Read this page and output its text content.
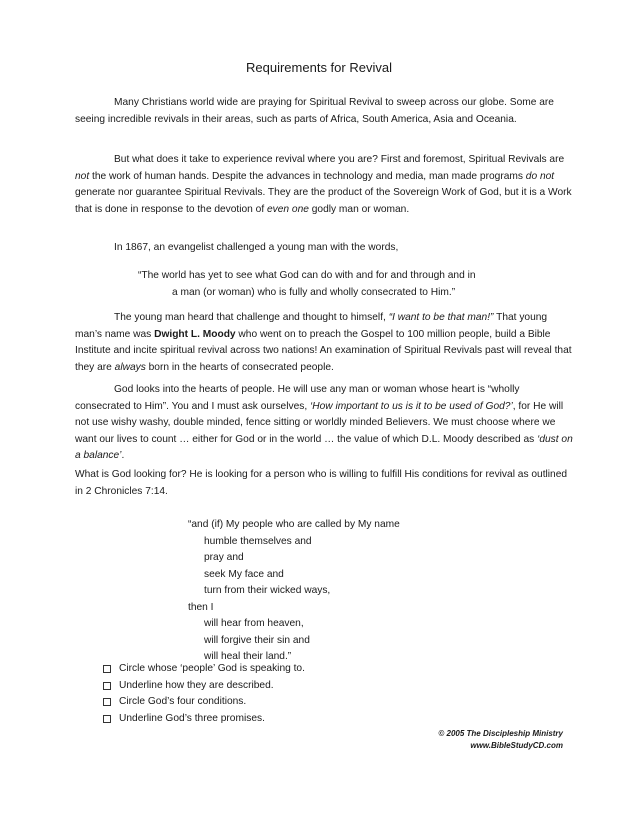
Requirements for Revival

Many Christians world wide are praying for Spiritual Revival to sweep across our globe. Some are seeing incredible revivals in their areas, such as parts of Africa, South America, Asia and Oceania.

But what does it take to experience revival where you are? First and foremost, Spiritual Revivals are not the work of human hands. Despite the advances in technology and media, man made programs do not generate nor guarantee Spiritual Revivals. They are the product of the Sovereign Work of God, but it is a Work that is done in response to the devotion of even one godly man or woman.

In 1867, an evangelist challenged a young man with the words,

“The world has yet to see what God can do with and for and through and in
a man (or woman) who is fully and wholly consecrated to Him.”

The young man heard that challenge and thought to himself, “I want to be that man!” That young man’s name was Dwight L. Moody who went on to preach the Gospel to 100 million people, build a Bible Institute and incite spiritual revival across two nations! An examination of Spiritual Revivals past will reveal that they are always born in the hearts of consecrated people.

God looks into the hearts of people. He will use any man or woman whose heart is “wholly consecrated to Him”. You and I must ask ourselves, ‘How important to us is it to be used of God?’, for He will not use wishy washy, double minded, fence sitting or worldly minded Believers. We must choose where we want our lives to count … either for God or in the world … the value of which D.L. Moody described as ‘dust on a balance’.

What is God looking for? He is looking for a person who is willing to fulfill His conditions for revival as outlined in 2 Chronicles 7:14.

“and (if) My people who are called by My name
humble themselves and
pray and
seek My face and
turn from their wicked ways,
then I
will hear from heaven,
will forgive their sin and
will heal their land.”
Circle whose ‘people’ God is speaking to.
Underline how they are described.
Circle God’s four conditions.
Underline God’s three promises.
© 2005 The Discipleship Ministry
www.BibleStudyCD.com
